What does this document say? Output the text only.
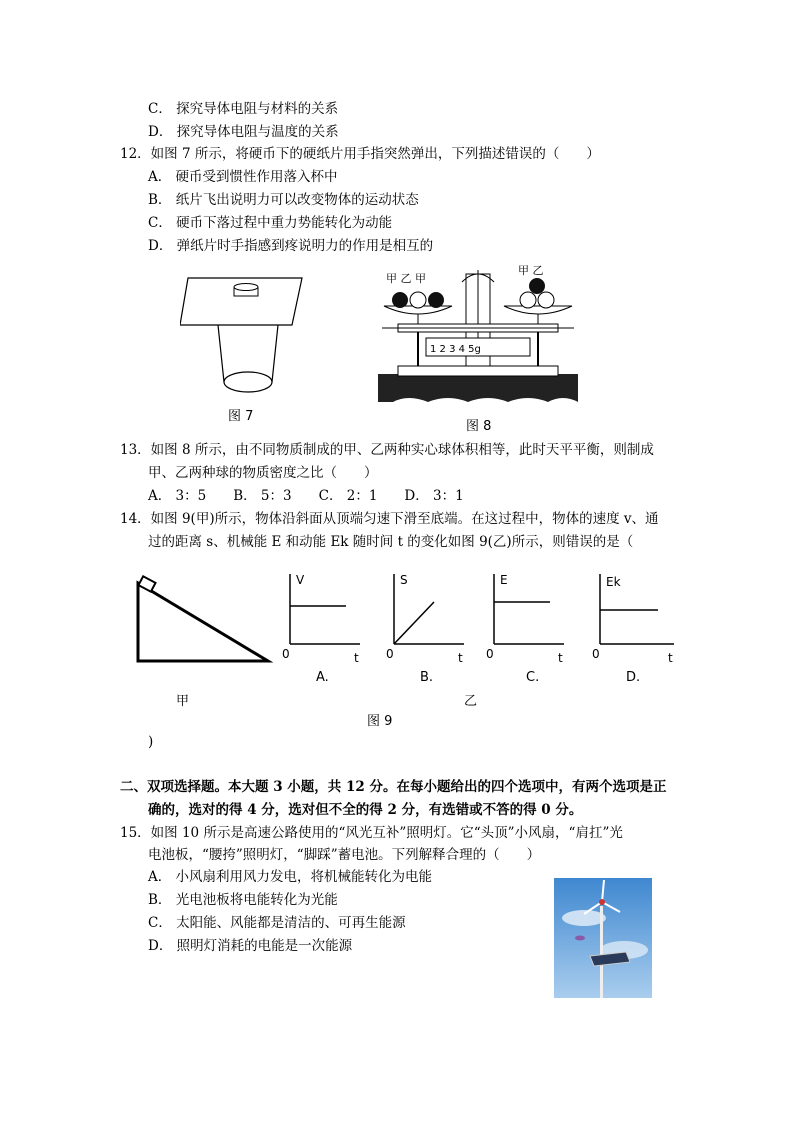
C． 探究导体电阻与材料的关系
D． 探究导体电阻与温度的关系
12．如图 7 所示，将硬币下的硬纸片用手指突然弹出，下列描述错误的（　　）
A． 硬币受到惯性作用落入杯中
B． 纸片飞出说明力可以改变物体的运动状态
C． 硬币下落过程中重力势能转化为动能
D． 弹纸片时手指感到疼说明力的作用是相互的
图 7
1 2 3 4 5g
甲 乙 甲
甲 乙
图 8
13．如图 8 所示，由不同物质制成的甲、乙两种实心球体积相等，此时天平平衡，则制成
甲、乙两种球的物质密度之比（　　）
A． 3：5　　B． 5：3　　C． 2：1　　D． 3：1
14．如图 9(甲)所示，物体沿斜面从顶端匀速下滑至底端。在这过程中，物体的速度 v、通
过的距离 s、机械能 E 和动能 Ek 随时间 t 的变化如图 9(乙)所示，则错误的是（
V
0	t
S
0	t
E
0	t
Ek
0	t
A.	B.	C.	D.
甲	乙
图 9
)
二、双项选择题。本大题 3 小题，共 12 分。在每小题给出的四个选项中，有两个选项是正
确的，选对的得 4 分，选对但不全的得 2 分，有选错或不答的得 0 分。
15．如图 10 所示是高速公路使用的“风光互补”照明灯。它“头顶”小风扇，“肩扛”光
电池板，“腰挎”照明灯，“脚踩”蓄电池。下列解释合理的（　　）
A． 小风扇利用风力发电，将机械能转化为电能
B． 光电池板将电能转化为光能
C． 太阳能、风能都是清洁的、可再生能源
D． 照明灯消耗的电能是一次能源
